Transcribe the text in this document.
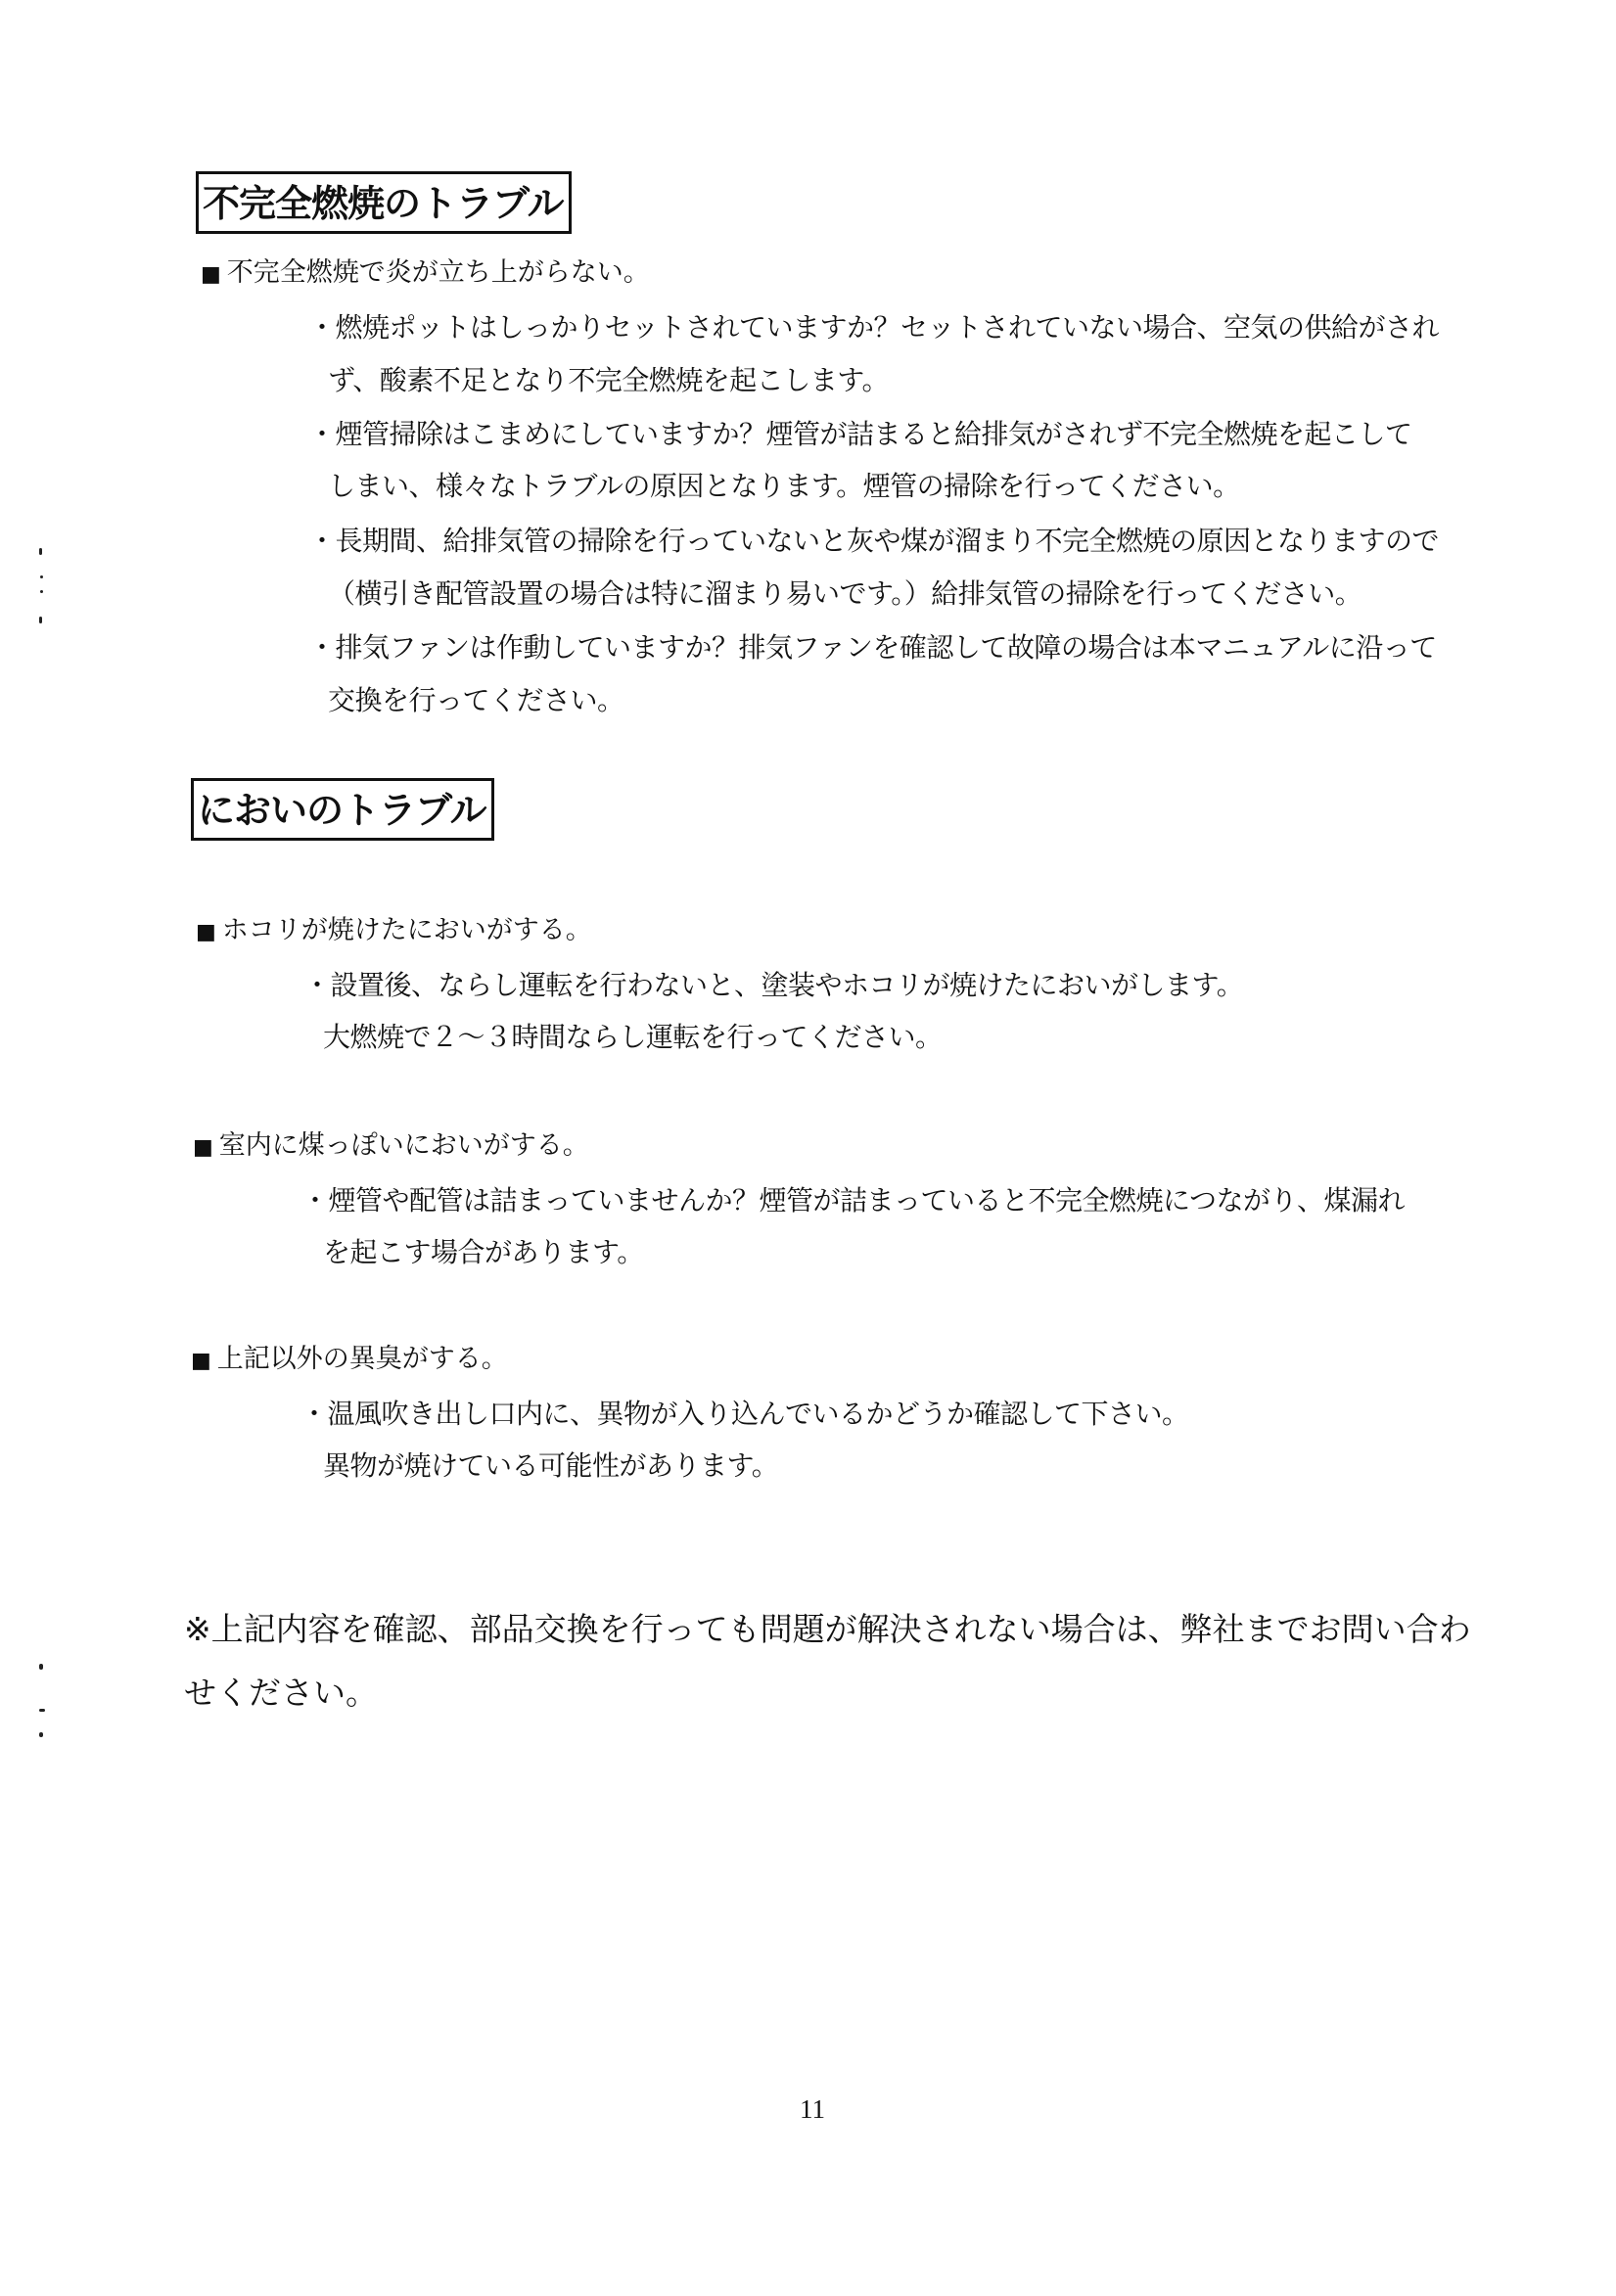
不完全燃焼のトラブル
■ 不完全燃焼で炎が立ち上がらない。
・燃焼ポットはしっかりセットされていますか？セットされていない場合、空気の供給がされ
ず、酸素不足となり不完全燃焼を起こします。
・煙管掃除はこまめにしていますか？煙管が詰まると給排気がされず不完全燃焼を起こして
しまい、様々なトラブルの原因となります。煙管の掃除を行ってください。
・長期間、給排気管の掃除を行っていないと灰や煤が溜まり不完全燃焼の原因となりますので
（横引き配管設置の場合は特に溜まり易いです。）給排気管の掃除を行ってください。
・排気ファンは作動していますか？排気ファンを確認して故障の場合は本マニュアルに沿って
交換を行ってください。
においのトラブル
■ ホコリが焼けたにおいがする。
・設置後、ならし運転を行わないと、塗装やホコリが焼けたにおいがします。
大燃焼で２～３時間ならし運転を行ってください。
■ 室内に煤っぽいにおいがする。
・煙管や配管は詰まっていませんか？煙管が詰まっていると不完全燃焼につながり、煤漏れ
を起こす場合があります。
■ 上記以外の異臭がする。
・温風吹き出し口内に、異物が入り込んでいるかどうか確認して下さい。
異物が焼けている可能性があります。
※上記内容を確認、部品交換を行っても問題が解決されない場合は、弊社までお問い合わ
せください。
11
